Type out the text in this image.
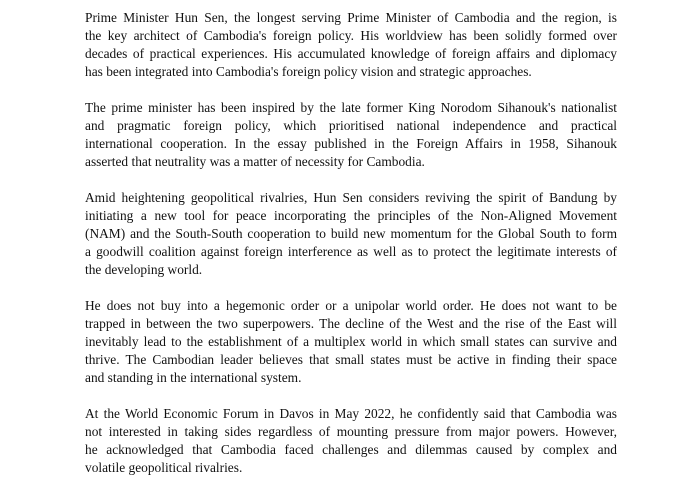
Prime Minister Hun Sen, the longest serving Prime Minister of Cambodia and the region, is
the key architect of Cambodia's foreign policy. His worldview has been solidly formed over
decades of practical experiences. His accumulated knowledge of foreign affairs and diplomacy
has been integrated into Cambodia's foreign policy vision and strategic approaches.
The prime minister has been inspired by the late former King Norodom Sihanouk's nationalist
and pragmatic foreign policy, which prioritised national independence and practical
international cooperation. In the essay published in the Foreign Affairs in 1958, Sihanouk
asserted that neutrality was a matter of necessity for Cambodia.
Amid heightening geopolitical rivalries, Hun Sen considers reviving the spirit of Bandung by
initiating a new tool for peace incorporating the principles of the Non-Aligned Movement
(NAM) and the South-South cooperation to build new momentum for the Global South to form
a goodwill coalition against foreign interference as well as to protect the legitimate interests of
the developing world.
He does not buy into a hegemonic order or a unipolar world order. He does not want to be
trapped in between the two superpowers. The decline of the West and the rise of the East will
inevitably lead to the establishment of a multiplex world in which small states can survive and
thrive. The Cambodian leader believes that small states must be active in finding their space
and standing in the international system.
At the World Economic Forum in Davos in May 2022, he confidently said that Cambodia was
not interested in taking sides regardless of mounting pressure from major powers. However,
he acknowledged that Cambodia faced challenges and dilemmas caused by complex and
volatile geopolitical rivalries.
